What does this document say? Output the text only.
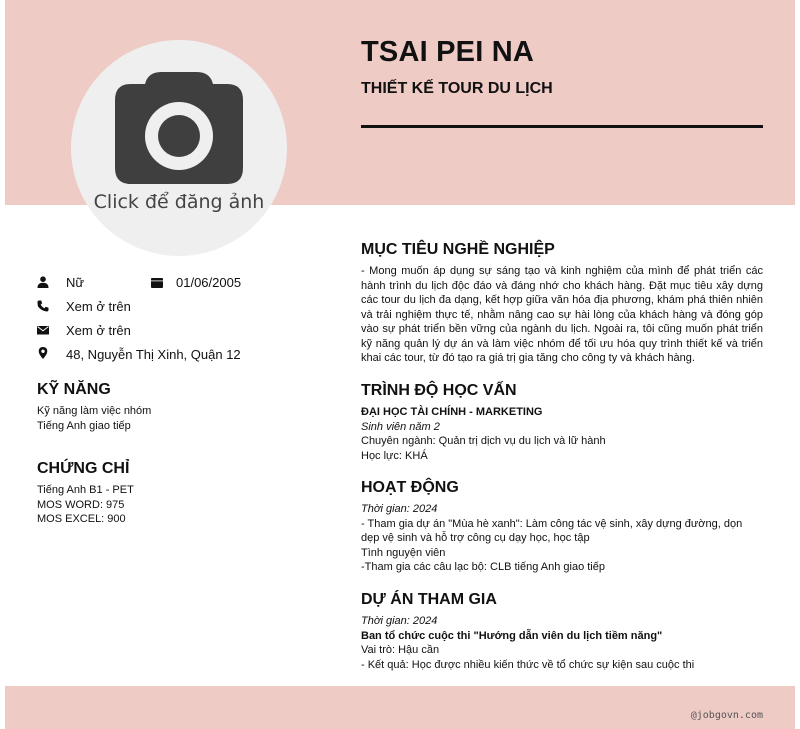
Click để đăng ảnh
TSAI PEI NA
THIẾT KẾ TOUR DU LỊCH
Nữ	01/06/2005
Xem ở trên
Xem ở trên
48, Nguyễn Thị Xinh, Quận 12
KỸ NĂNG
Kỹ năng làm việc nhóm
Tiếng Anh giao tiếp
CHỨNG CHỈ
Tiếng Anh B1 - PET
MOS WORD: 975
MOS EXCEL: 900
MỤC TIÊU NGHỀ NGHIỆP
- Mong muốn áp dụng sự sáng tạo và kinh nghiệm của mình để phát triển các hành trình du lịch độc đáo và đáng nhớ cho khách hàng. Đặt mục tiêu xây dựng các tour du lịch đa dạng, kết hợp giữa văn hóa địa phương, khám phá thiên nhiên và trải nghiệm thực tế, nhằm nâng cao sự hài lòng của khách hàng và đóng góp vào sự phát triển bền vững của ngành du lịch. Ngoài ra, tôi cũng muốn phát triển kỹ năng quản lý dự án và làm việc nhóm để tối ưu hóa quy trình thiết kế và triển khai các tour, từ đó tạo ra giá trị gia tăng cho công ty và khách hàng.
TRÌNH ĐỘ HỌC VẤN
ĐẠI HỌC TÀI CHÍNH - MARKETING
Sinh viên năm 2
Chuyên ngành: Quản trị dịch vụ du lịch và lữ hành
Học lực: KHÁ
HOẠT ĐỘNG
Thời gian: 2024
- Tham gia dự án "Mùa hè xanh": Làm công tác vệ sinh, xây dựng đường, dọn dẹp vệ sinh và hỗ trợ công cụ dạy học, học tập
Tình nguyện viên
-Tham gia các câu lạc bộ: CLB tiếng Anh giao tiếp
DỰ ÁN THAM GIA
Thời gian: 2024
Ban tổ chức cuộc thi "Hướng dẫn viên du lịch tiềm năng"
Vai trò: Hậu cần
- Kết quả: Học được nhiều kiến thức về tổ chức sự kiện sau cuộc thi
@jobgovn.com
